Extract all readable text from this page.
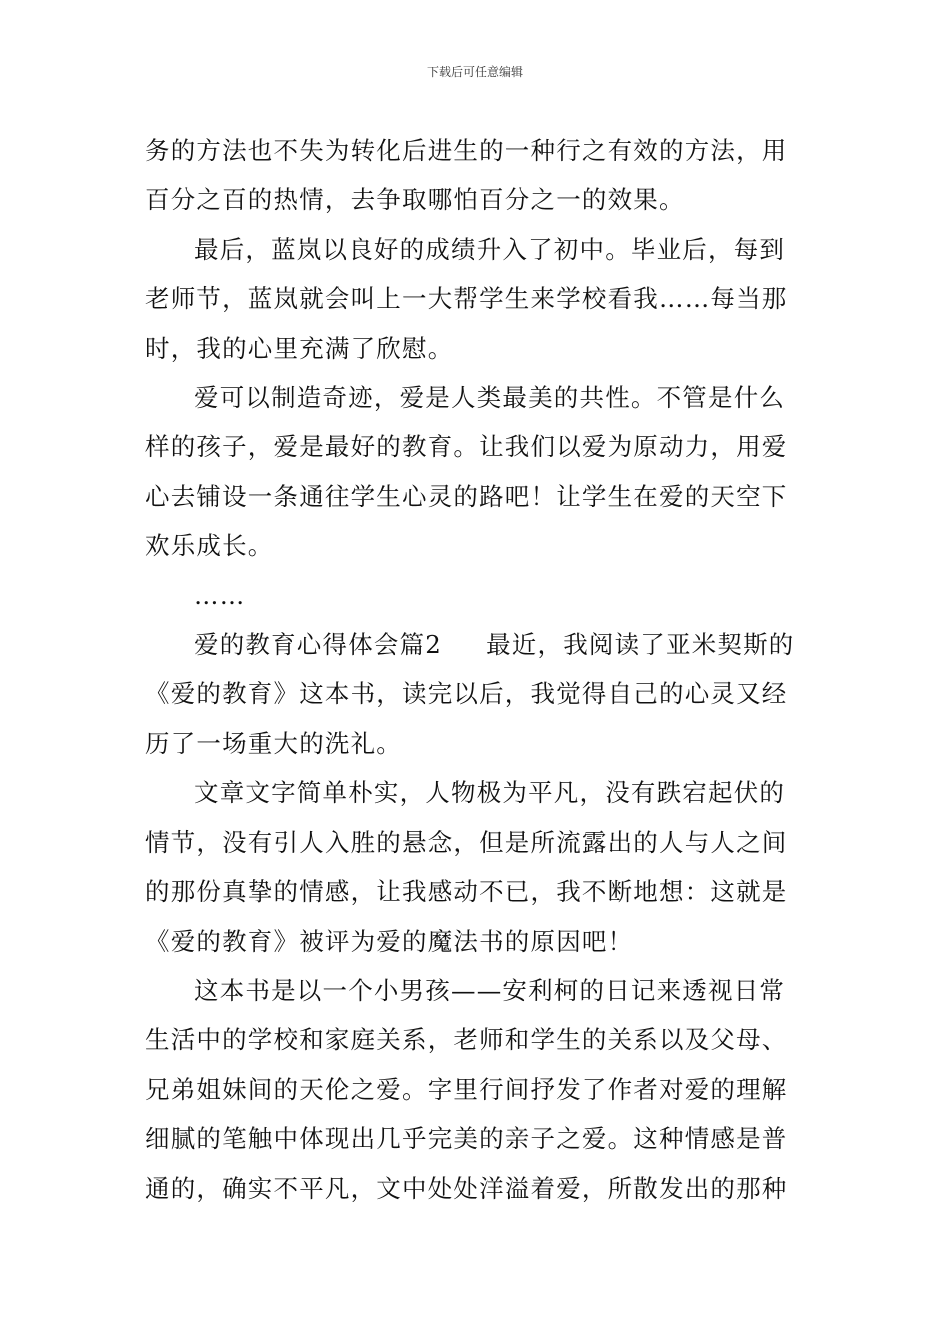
下载后可任意编辑

务的方法也不失为转化后进生的一种行之有效的方法，用百分之百的热情，去争取哪怕百分之一的效果。

最后，蓝岚以良好的成绩升入了初中。毕业后，每到老师节，蓝岚就会叫上一大帮学生来学校看我……每当那时，我的心里充满了欣慰。

爱可以制造奇迹，爱是人类最美的共性。不管是什么样的孩子，爱是最好的教育。让我们以爱为原动力，用爱心去铺设一条通往学生心灵的路吧！让学生在爱的天空下欢乐成长。

……

爱的教育心得体会篇2 最近，我阅读了亚米契斯的《爱的教育》这本书，读完以后，我觉得自己的心灵又经历了一场重大的洗礼。

文章文字简单朴实，人物极为平凡，没有跌宕起伏的情节，没有引人入胜的悬念，但是所流露出的人与人之间的那份真挚的情感，让我感动不已，我不断地想：这就是《爱的教育》被评为爱的魔法书的原因吧！

这本书是以一个小男孩——安利柯的日记来透视日常生活中的学校和家庭关系，老师和学生的关系以及父母、兄弟姐妹间的天伦之爱。字里行间抒发了作者对爱的理解细腻的笔触中体现出几乎完美的亲子之爱。这种情感是普通的，确实不平凡，文中处处洋溢着爱，所散发出的那种
